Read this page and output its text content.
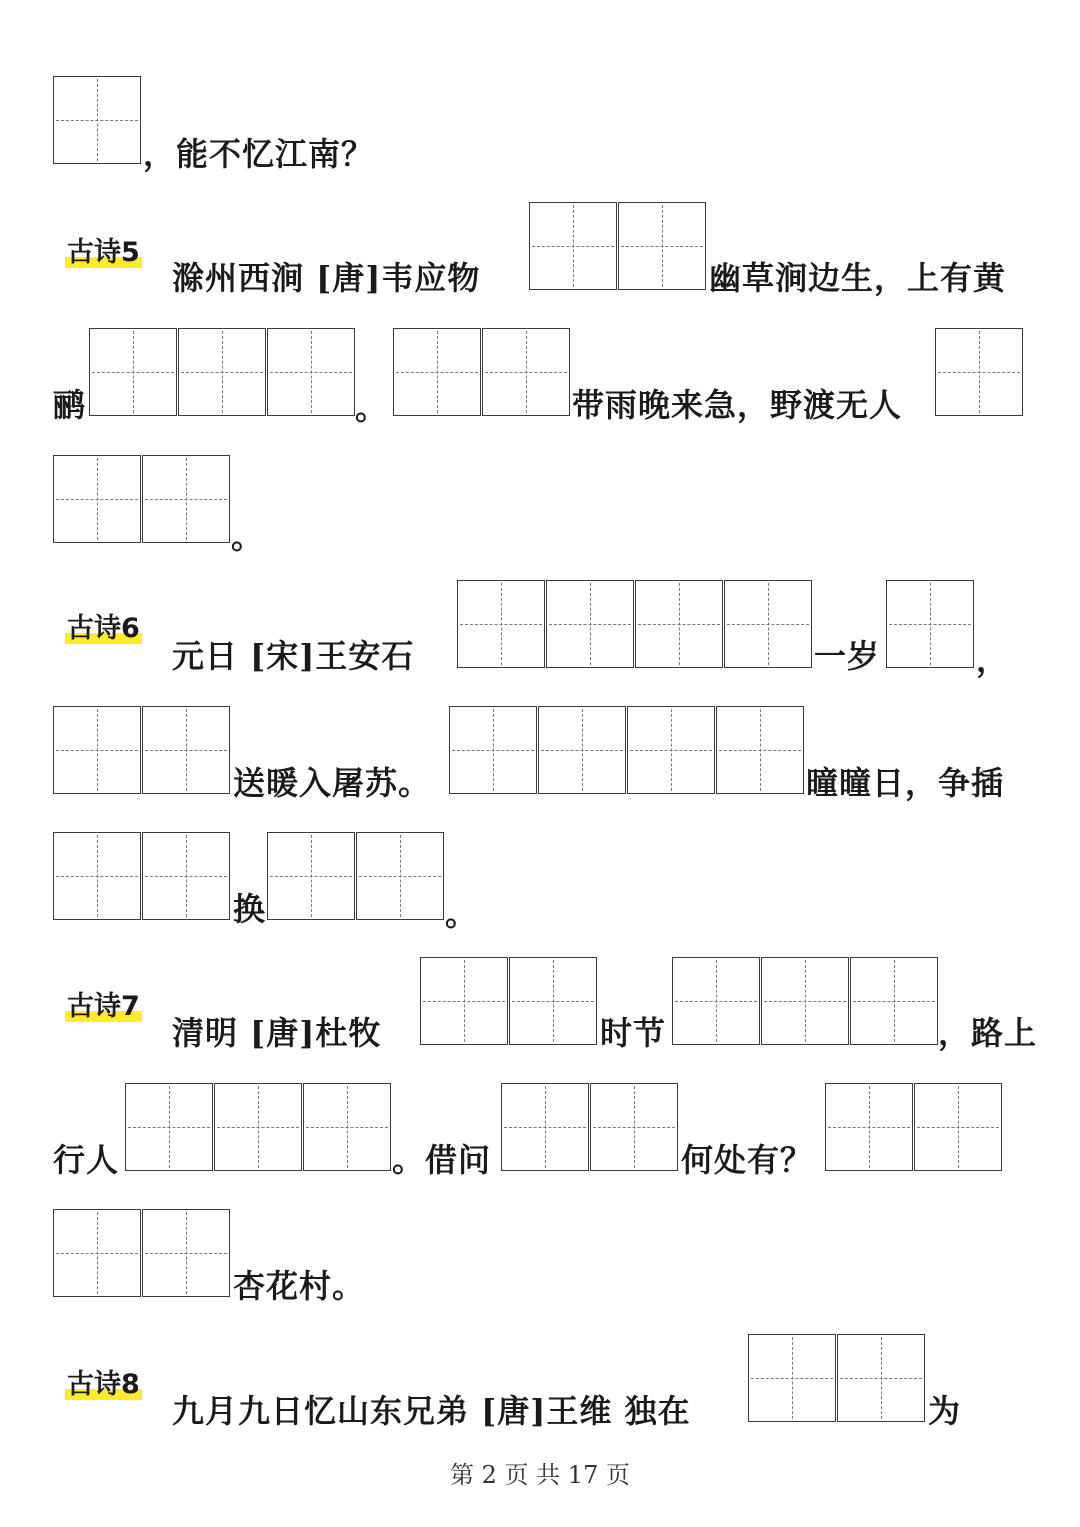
，能不忆江南？
古诗5
滁州西涧 [唐]韦应物	幽草涧边生，上有黄
鹂	。	带雨晚来急，野渡无人
。
古诗6
元日 [宋]王安石	一岁	，
送暖入屠苏。	曈曈日，争插
换	。
古诗7
清明 [唐]杜牧	时节	，路上
行人	。借问	何处有？
杏花村。
古诗8
九月九日忆山东兄弟 [唐]王维 独在	为
第 2 页 共 17 页
